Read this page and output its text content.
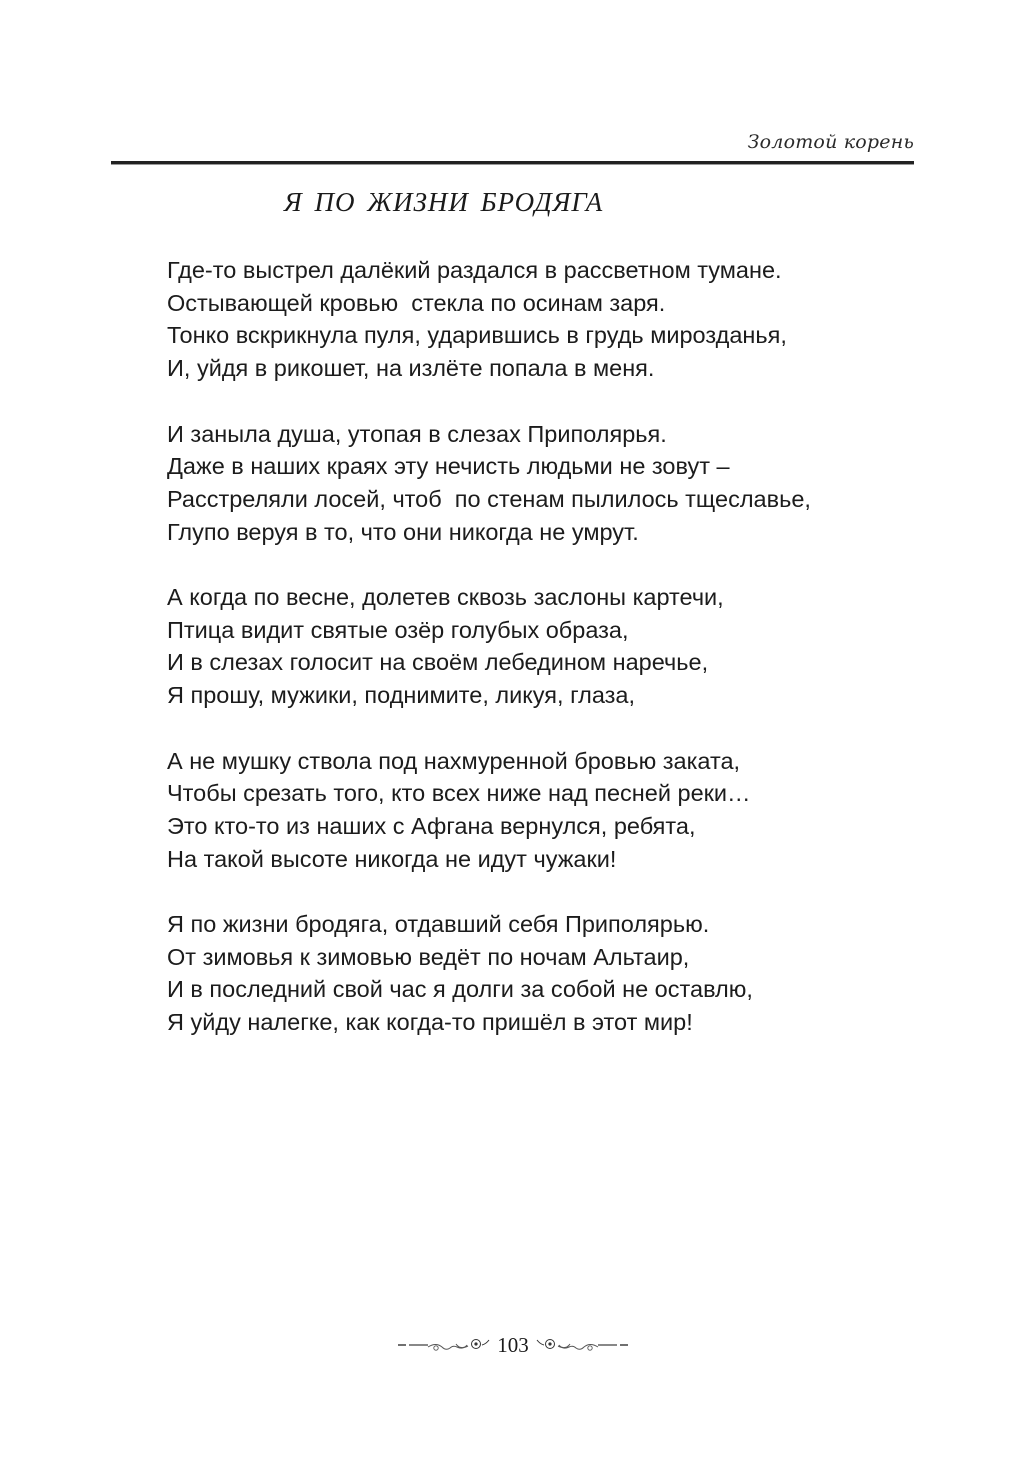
Золотой корень
Я ПО ЖИЗНИ БРОДЯГА
Где-то выстрел далёкий раздался в рассветном тумане.
Остывающей кровью  стекла по осинам заря.
Тонко вскрикнула пуля, ударившись в грудь мирозданья,
И, уйдя в рикошет, на излёте попала в меня.
И заныла душа, утопая в слезах Приполярья.
Даже в наших краях эту нечисть людьми не зовут –
Расстреляли лосей, чтоб  по стенам пылилось тщеславье,
Глупо веруя в то, что они никогда не умрут.
А когда по весне, долетев сквозь заслоны картечи,
Птица видит святые озёр голубых образа,
И в слезах голосит на своём лебедином наречье,
Я прошу, мужики, поднимите, ликуя, глаза,
А не мушку ствола под нахмуренной бровью заката,
Чтобы срезать того, кто всех ниже над песней реки…
Это кто-то из наших с Афгана вернулся, ребята,
На такой высоте никогда не идут чужаки!
Я по жизни бродяга, отдавший себя Приполярью.
От зимовья к зимовью ведёт по ночам Альтаир,
И в последний свой час я долги за собой не оставлю,
Я уйду налегке, как когда-то пришёл в этот мир!
103
